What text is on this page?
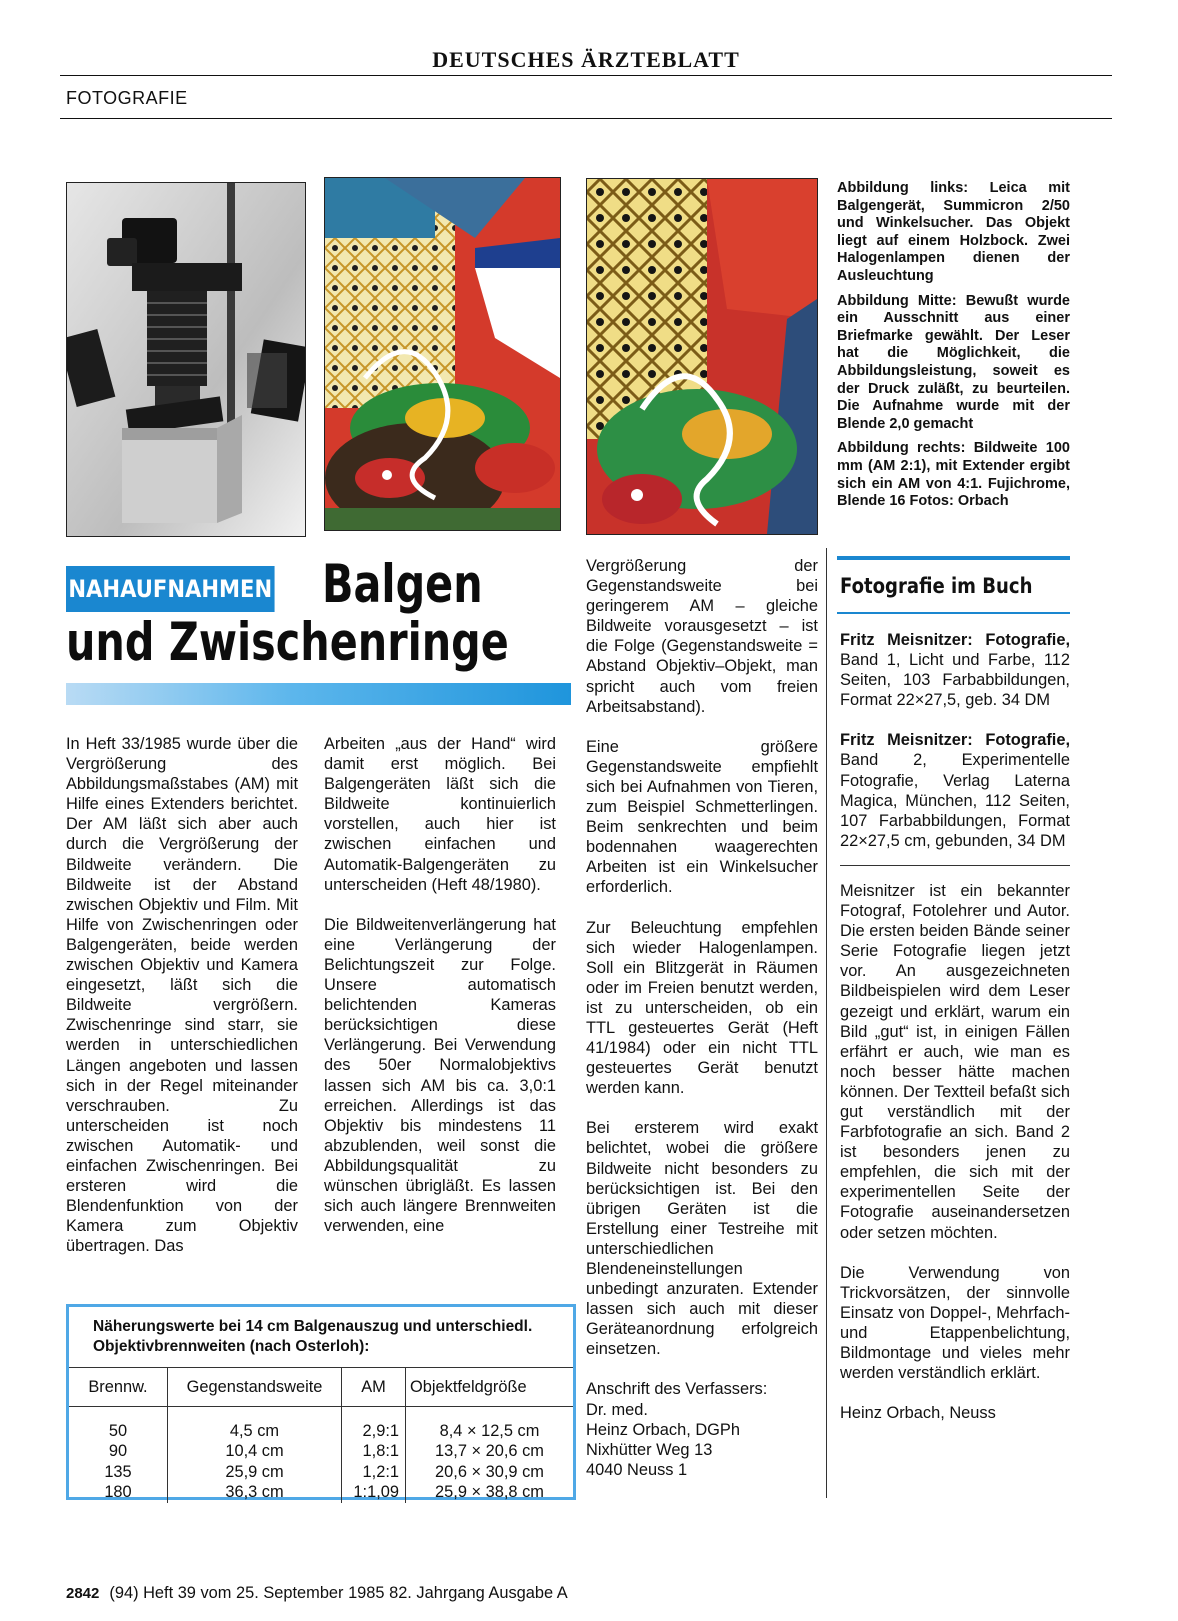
DEUTSCHES ÄRZTEBLATT
FOTOGRAFIE

Abbildung links: Leica mit Balgengerät, Summicron 2/50 und Winkelsucher. Das Objekt liegt auf einem Holzbock. Zwei Halogenlampen dienen der Ausleuchtung

Abbildung Mitte: Bewußt wurde ein Ausschnitt aus einer Briefmarke gewählt. Der Leser hat die Möglichkeit, die Abbildungsleistung, soweit es der Druck zuläßt, zu beurteilen. Die Aufnahme wurde mit der Blende 2,0 gemacht

Abbildung rechts: Bildweite 100 mm (AM 2:1), mit Extender ergibt sich ein AM von 4:1. Fujichrome, Blende 16 Fotos: Orbach

NAHAUFNAHMEN Balgen
und Zwischenringe

In Heft 33/1985 wurde über die Vergrößerung des Abbildungsmaßstabes (AM) mit Hilfe eines Extenders berichtet. Der AM läßt sich aber auch durch die Vergrößerung der Bildweite verändern. Die Bildweite ist der Abstand zwischen Objektiv und Film. Mit Hilfe von Zwischenringen oder Balgengeräten, beide werden zwischen Objektiv und Kamera eingesetzt, läßt sich die Bildweite vergrößern. Zwischenringe sind starr, sie werden in unterschiedlichen Längen angeboten und lassen sich in der Regel miteinander verschrauben. Zu unterscheiden ist noch zwischen Automatik- und einfachen Zwischenringen. Bei ersteren wird die Blendenfunktion von der Kamera zum Objektiv übertragen. Das

Arbeiten „aus der Hand“ wird damit erst möglich. Bei Balgengeräten läßt sich die Bildweite kontinuierlich vorstellen, auch hier ist zwischen einfachen und Automatik-Balgengeräten zu unterscheiden (Heft 48/1980).

Die Bildweitenverlängerung hat eine Verlängerung der Belichtungszeit zur Folge. Unsere automatisch belichtenden Kameras berücksichtigen diese Verlängerung. Bei Verwendung des 50er Normalobjektivs lassen sich AM bis ca. 3,0:1 erreichen. Allerdings ist das Objektiv bis mindestens 11 abzublenden, weil sonst die Abbildungsqualität zu wünschen übrigläßt. Es lassen sich auch längere Brennweiten verwenden, eine

Vergrößerung der Gegenstandsweite bei geringerem AM – gleiche Bildweite vorausgesetzt – ist die Folge (Gegenstandsweite = Abstand Objektiv–Objekt, man spricht auch vom freien Arbeitsabstand).

Eine größere Gegenstandsweite empfiehlt sich bei Aufnahmen von Tieren, zum Beispiel Schmetterlingen. Beim senkrechten und beim bodennahen waagerechten Arbeiten ist ein Winkelsucher erforderlich.

Zur Beleuchtung empfehlen sich wieder Halogenlampen. Soll ein Blitzgerät in Räumen oder im Freien benutzt werden, ist zu unterscheiden, ob ein TTL gesteuertes Gerät (Heft 41/1984) oder ein nicht TTL gesteuertes Gerät benutzt werden kann.

Bei ersterem wird exakt belichtet, wobei die größere Bildweite nicht besonders zu berücksichtigen ist. Bei den übrigen Geräten ist die Erstellung einer Testreihe mit unterschiedlichen Blendeneinstellungen unbedingt anzuraten. Extender lassen sich auch mit dieser Geräteanordnung erfolgreich einsetzen.

Anschrift des Verfassers:
Dr. med.
Heinz Orbach, DGPh
Nixhütter Weg 13
4040 Neuss 1
Fotografie im Buch

Fritz Meisnitzer: Fotografie, Band 1, Licht und Farbe, 112 Seiten, 103 Farbabbildungen, Format 22×27,5, geb. 34 DM

Fritz Meisnitzer: Fotografie, Band 2, Experimentelle Fotografie, Verlag Laterna Magica, München, 112 Seiten, 107 Farbabbildungen, Format 22×27,5 cm, gebunden, 34 DM

Meisnitzer ist ein bekannter Fotograf, Fotolehrer und Autor. Die ersten beiden Bände seiner Serie Fotografie liegen jetzt vor. An ausgezeichneten Bildbeispielen wird dem Leser gezeigt und erklärt, warum ein Bild „gut“ ist, in einigen Fällen erfährt er auch, wie man es noch besser hätte machen können. Der Textteil befaßt sich gut verständlich mit der Farbfotografie an sich. Band 2 ist besonders jenen zu empfehlen, die sich mit der experimentellen Seite der Fotografie auseinandersetzen oder setzen möchten.

Die Verwendung von Trickvorsätzen, der sinnvolle Einsatz von Doppel-, Mehrfach- und Etappenbelichtung, Bildmontage und vieles mehr werden verständlich erklärt.

Heinz Orbach, Neuss

Näherungswerte bei 14 cm Balgenauszug und unterschiedl. Objektivbrennweiten (nach Osterloh):
Brennw.	Gegenstandsweite	AM	Objektfeldgröße
50	4,5 cm	2,9:1	8,4 × 12,5 cm
90	10,4 cm	1,8:1	13,7 × 20,6 cm
135	25,9 cm	1,2:1	20,6 × 30,9 cm
180	36,3 cm	1:1,09	25,9 × 38,8 cm
2842 (94) Heft 39 vom 25. September 1985 82. Jahrgang Ausgabe A
